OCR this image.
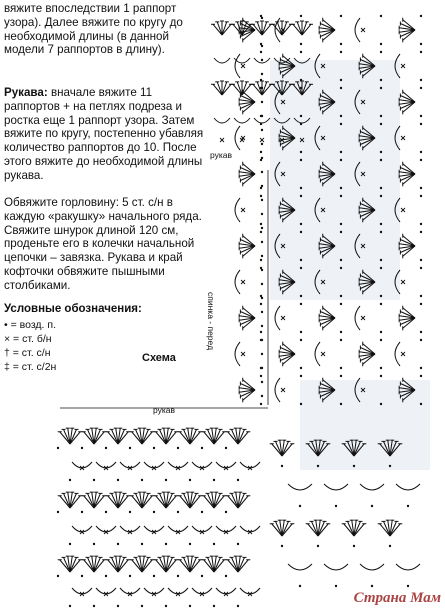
вяжите впоследствии 1 раппорт узора). Далее вяжите по кругу до необходимой длины (в данной модели 7 раппортов в длину).
Рукава: вначале вяжите 11 раппортов + на петлях подреза и ростка еще 1 раппорт узора. Затем вяжите по кругу, постепенно убавляя количество раппортов до 10. После этого вяжите до необходимой длины рукава.
Обвяжите горловину: 5 ст. с/н в каждую «ракушку» начального ряда. Свяжите шнурок длиной 120 см, проденьте его в колечки начальной цепочки – завязка. Рукава и край кофточки обвяжите пышными столбиками.
Условные обозначения:
• = возд. п.
× = ст. б/н
† = ст. с/н
‡ = ст. с/2н
Схема
рукав
рукав
спинка - перед
Страна Мам
